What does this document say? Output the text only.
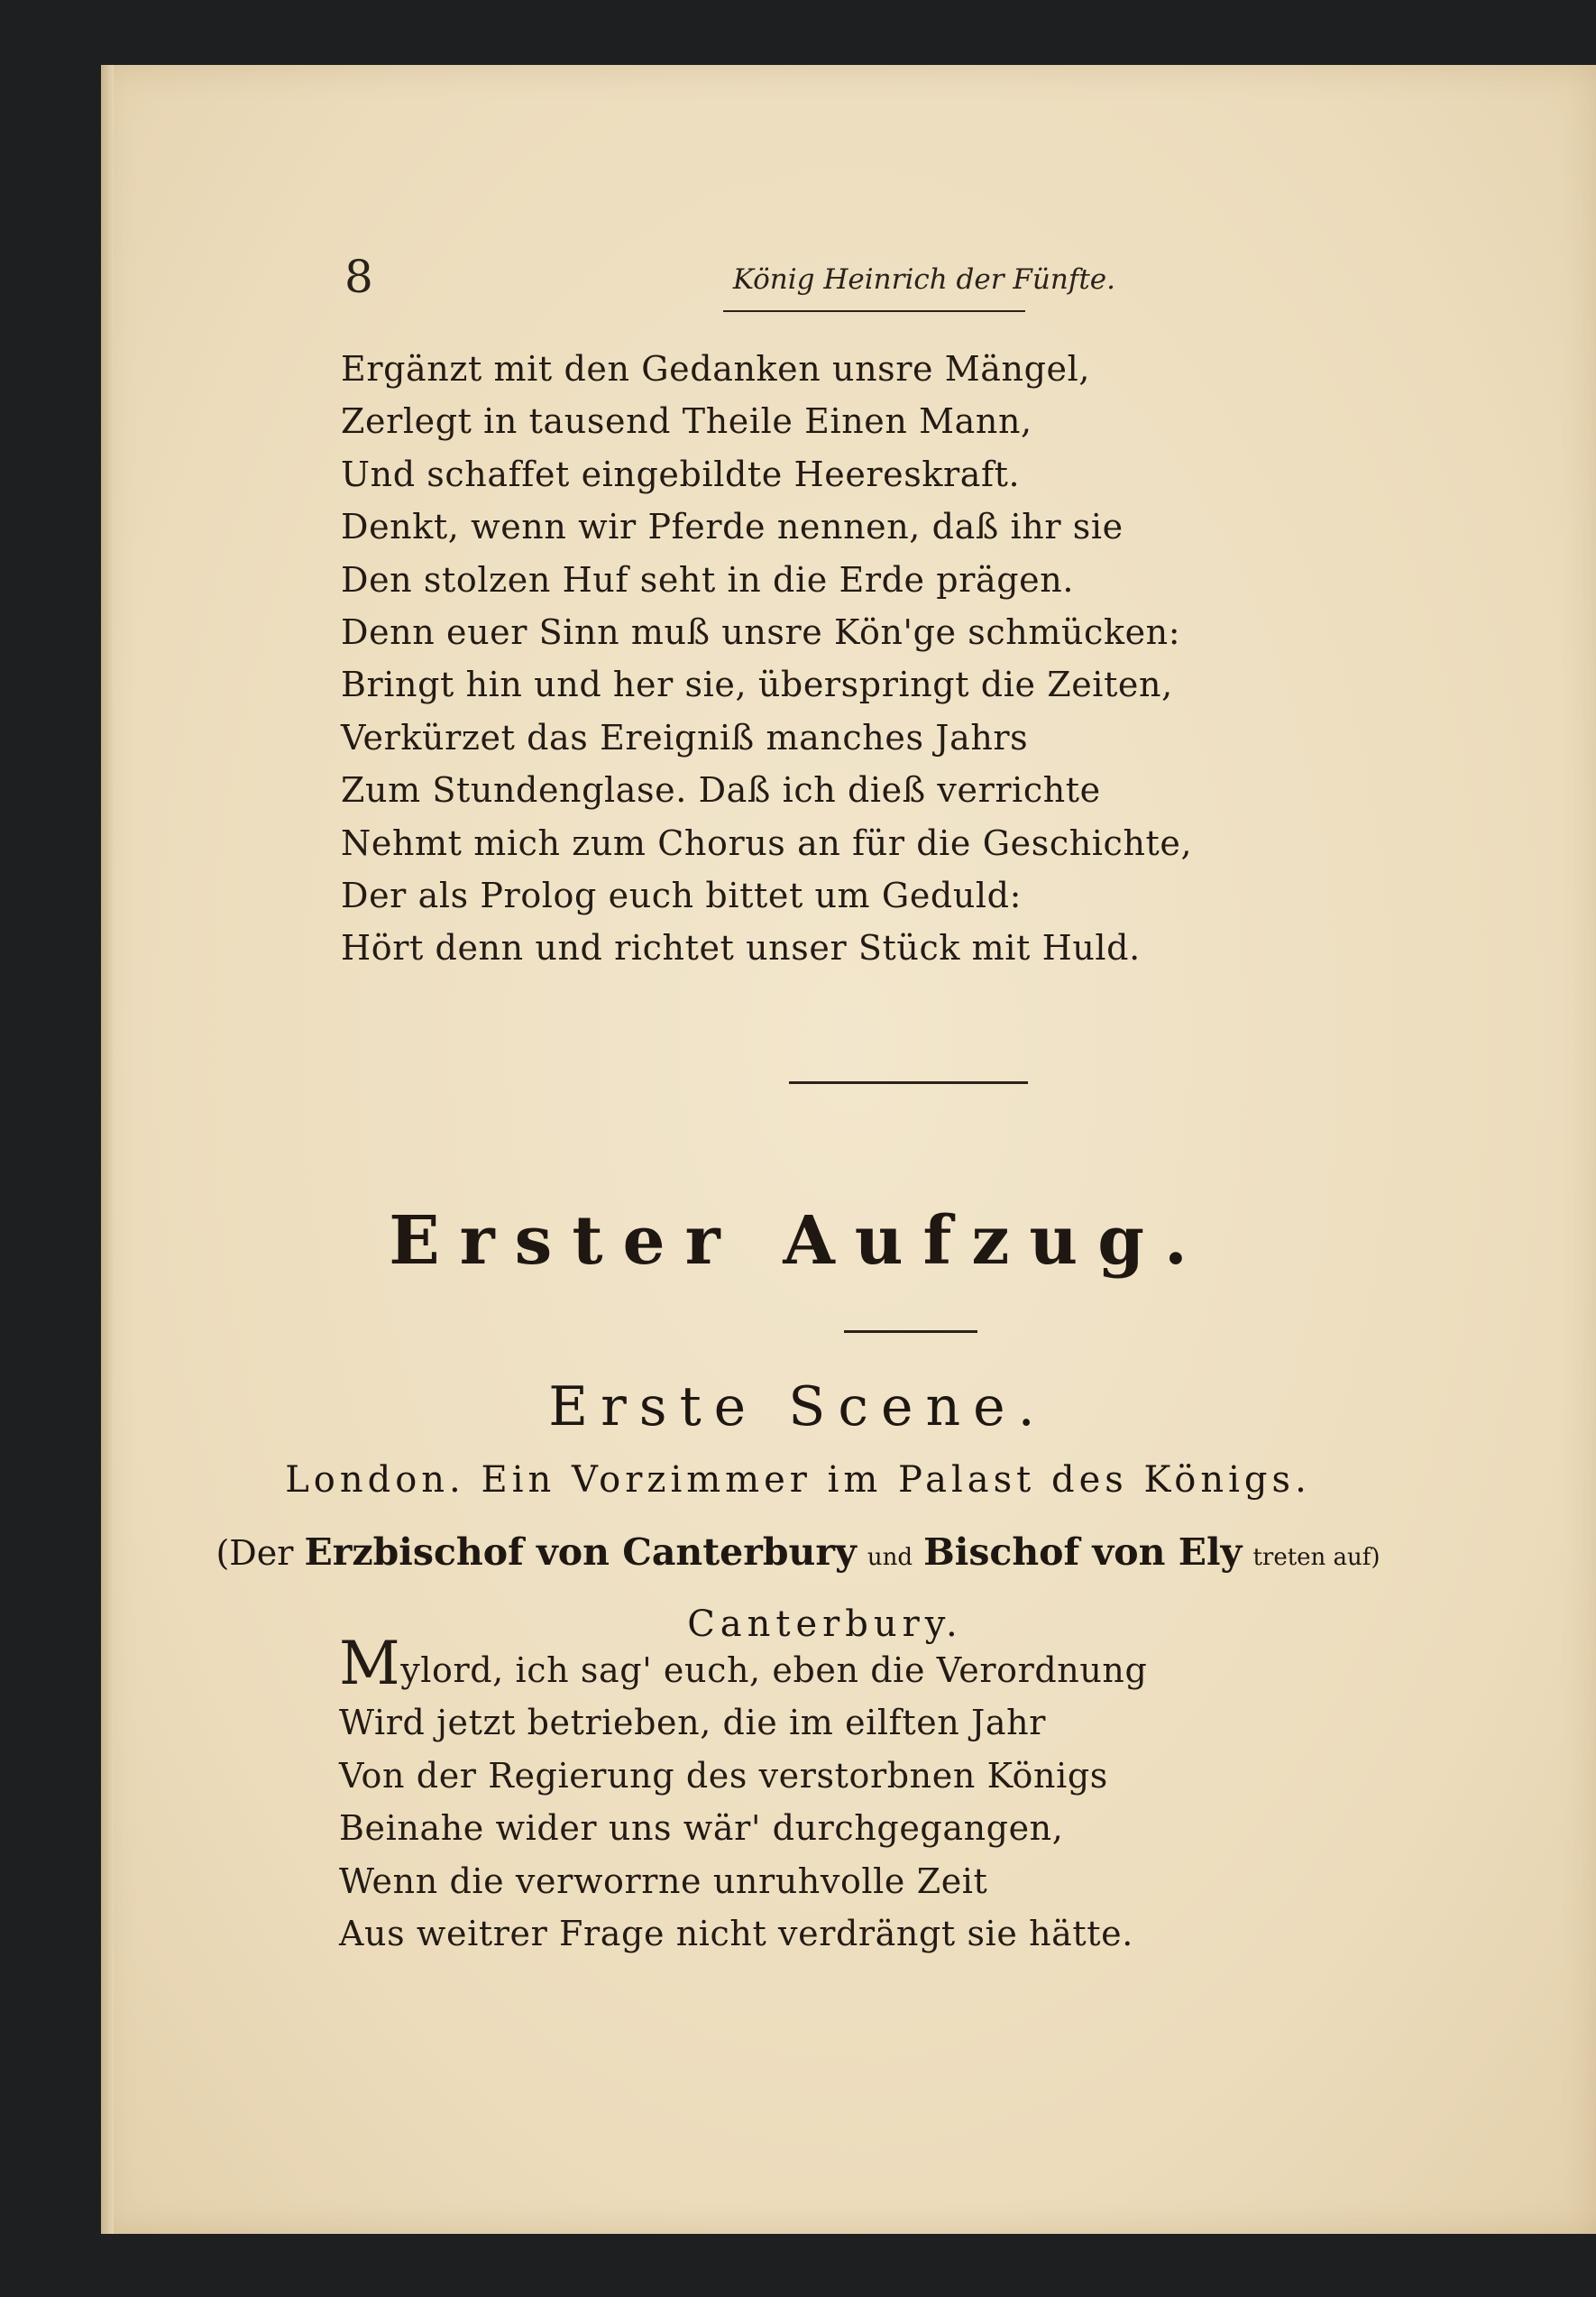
8	König Heinrich der Fünfte.
Ergänzt mit den Gedanken unsre Mängel,
Zerlegt in tausend Theile Einen Mann,
Und schaffet eingebildte Heereskraft.
Denkt, wenn wir Pferde nennen, daß ihr sie
Den stolzen Huf seht in die Erde prägen.
Denn euer Sinn muß unsre Kön'ge schmücken:
Bringt hin und her sie, überspringt die Zeiten,
Verkürzet das Ereigniß manches Jahrs
Zum Stundenglase. Daß ich dieß verrichte
Nehmt mich zum Chorus an für die Geschichte,
Der als Prolog euch bittet um Geduld:
Hört denn und richtet unser Stück mit Huld.
Erster Aufzug.
Erste Scene.
London. Ein Vorzimmer im Palast des Königs.
(Der Erzbischof von Canterbury und Bischof von Ely treten auf)
Canterbury.
Mylord, ich sag' euch, eben die Verordnung
Wird jetzt betrieben, die im eilften Jahr
Von der Regierung des verstorbnen Königs
Beinahe wider uns wär' durchgegangen,
Wenn die verworrne unruhvolle Zeit
Aus weitrer Frage nicht verdrängt sie hätte.
